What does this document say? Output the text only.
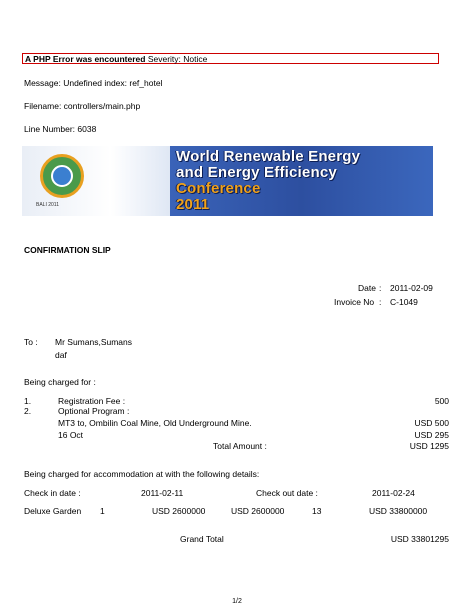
A PHP Error was encountered Severity: Notice
Message: Undefined index: ref_hotel
Filename: controllers/main.php
Line Number: 6038
BALI 2011
World Renewable Energy
and Energy Efficiency
Conference
2011
CONFIRMATION SLIP
Date : 2011-02-09
Invoice No : C-1049
To : Mr Sumans,Sumans
daf
Being charged for :
1.	Registration Fee :	500
2.	Optional Program :
MT3 to, Ombilin Coal Mine, Old Underground Mine.	USD 500
16 Oct	USD 295
Total Amount :	USD 1295
Being charged for accommodation at with the following details:
Check in date :	2011-02-11	Check out date :	2011-02-24
Deluxe Garden 1	USD 2600000	USD 2600000	13	USD 33800000
Grand Total	USD 33801295
1/2
